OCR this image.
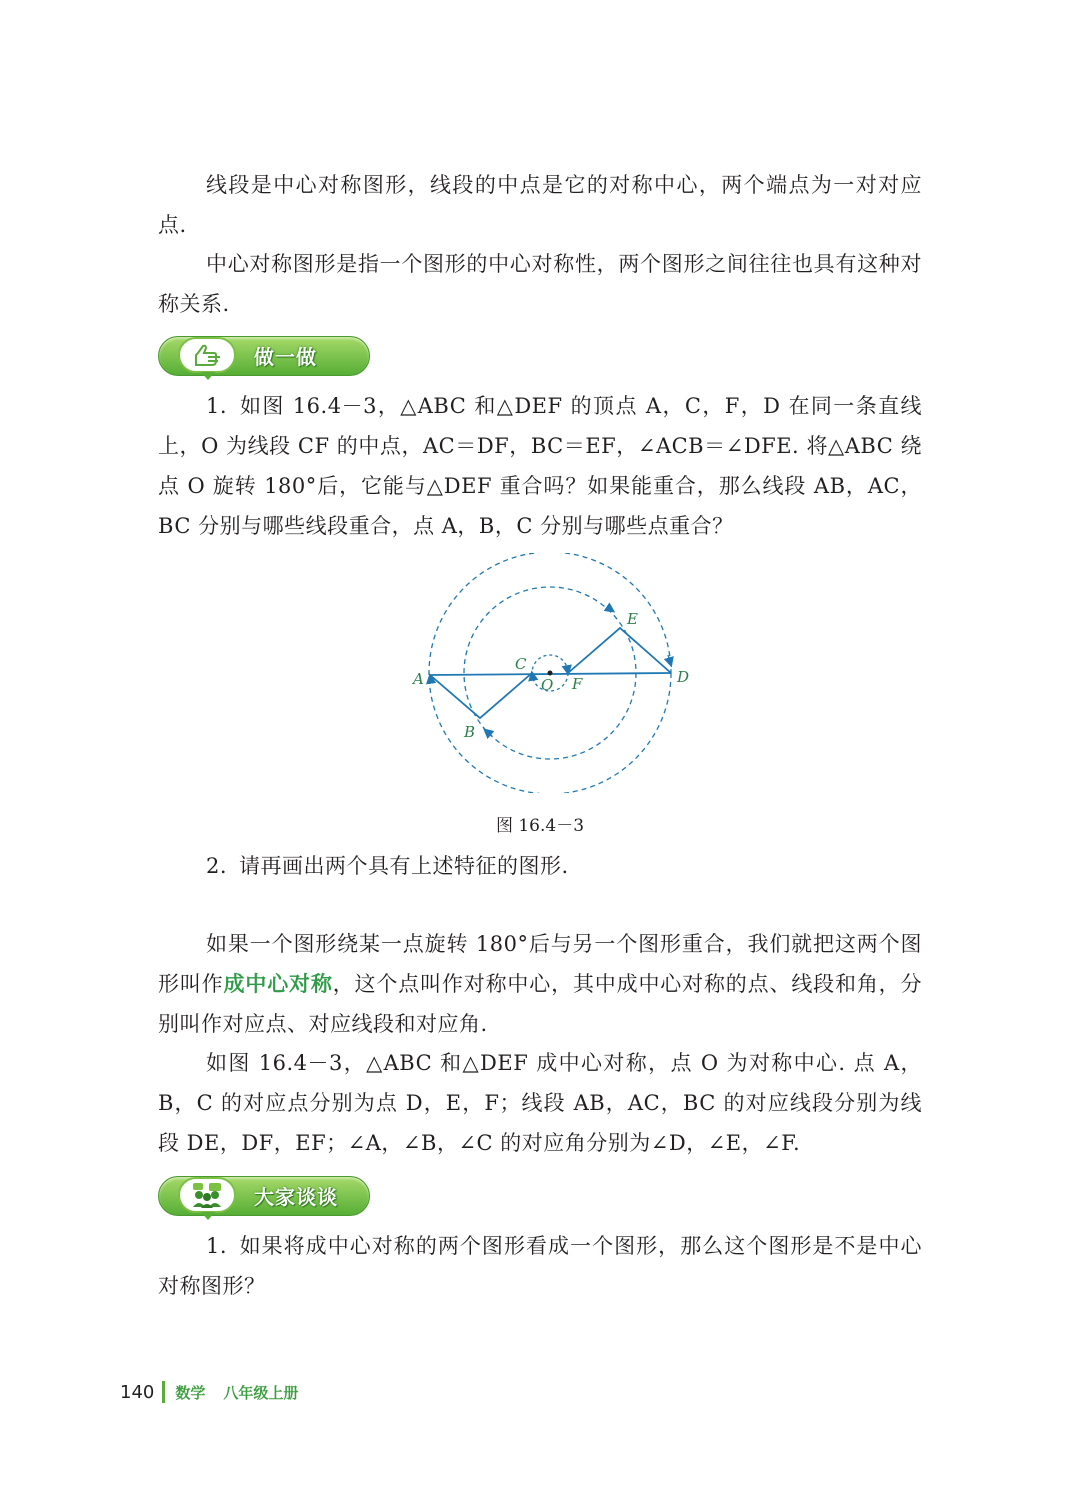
线段是中心对称图形，线段的中点是它的对称中心，两个端点为一对对应点.

中心对称图形是指一个图形的中心对称性，两个图形之间往往也具有这种对称关系.

做一做

1. 如图 16.4－3，△ABC 和△DEF 的顶点 A，C，F，D 在同一条直线上，O 为线段 CF 的中点，AC＝DF，BC＝EF，∠ACB＝∠DFE. 将△ABC 绕点 O 旋转 180°后，它能与△DEF 重合吗？如果能重合，那么线段 AB，AC，BC 分别与哪些线段重合，点 A，B，C 分别与哪些点重合？

A
B
C
D
E
F
O
图 16.4－3

2. 请再画出两个具有上述特征的图形.

如果一个图形绕某一点旋转 180°后与另一个图形重合，我们就把这两个图形叫作成中心对称，这个点叫作对称中心，其中成中心对称的点、线段和角，分别叫作对应点、对应线段和对应角.

如图 16.4－3，△ABC 和△DEF 成中心对称，点 O 为对称中心. 点 A，B，C 的对应点分别为点 D，E，F；线段 AB，AC，BC 的对应线段分别为线段 DE，DF，EF；∠A，∠B，∠C 的对应角分别为∠D，∠E，∠F.

大家谈谈

1. 如果将成中心对称的两个图形看成一个图形，那么这个图形是不是中心对称图形？

140 数学 八年级上册
